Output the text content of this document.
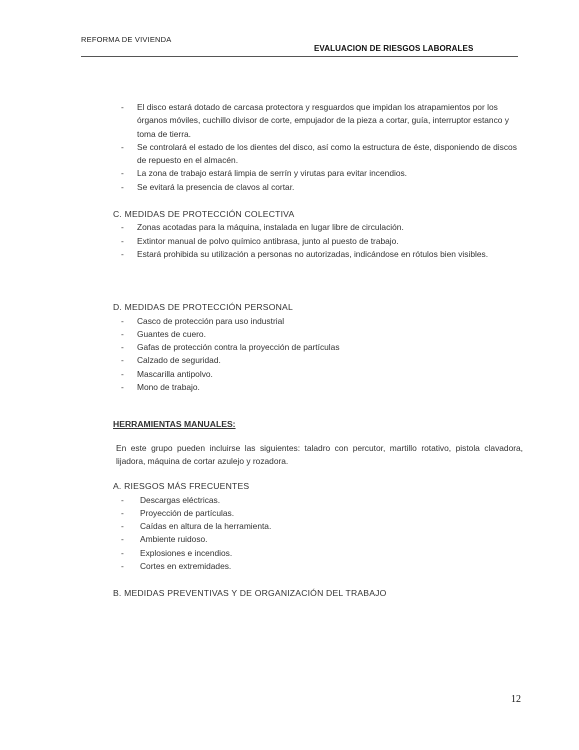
REFORMA DE VIVIENDA
EVALUACION DE RIESGOS LABORALES
- El disco estará dotado de carcasa protectora y resguardos que impidan los atrapamientos por los órganos móviles, cuchillo divisor de corte, empujador de la pieza a cortar, guía, interruptor estanco y toma de tierra.
- Se controlará el estado de los dientes del disco, así como la estructura de éste, disponiendo de discos de repuesto en el almacén.
- La zona de trabajo estará limpia de serrín y virutas para evitar incendios.
- Se evitará la presencia de clavos al cortar.
C. MEDIDAS DE PROTECCIÓN COLECTIVA
- Zonas acotadas para la máquina, instalada en lugar libre de circulación.
- Extintor manual de polvo químico antibrasa, junto al puesto de trabajo.
- Estará prohibida su utilización a personas no autorizadas, indicándose en rótulos bien visibles.
D. MEDIDAS DE PROTECCIÓN PERSONAL
- Casco de protección para uso industrial
- Guantes de cuero.
- Gafas de protección contra la proyección de partículas
- Calzado de seguridad.
- Mascarilla antipolvo.
- Mono de trabajo.
HERRAMIENTAS MANUALES:
En este grupo pueden incluirse las siguientes: taladro con percutor, martillo rotativo, pistola clavadora, lijadora, máquina de cortar azulejo y rozadora.
A. RIESGOS MÁS FRECUENTES
- Descargas eléctricas.
- Proyección de partículas.
- Caídas en altura de la herramienta.
- Ambiente ruidoso.
- Explosiones e incendios.
- Cortes en extremidades.
B. MEDIDAS PREVENTIVAS Y DE ORGANIZACIÓN DEL TRABAJO
12
